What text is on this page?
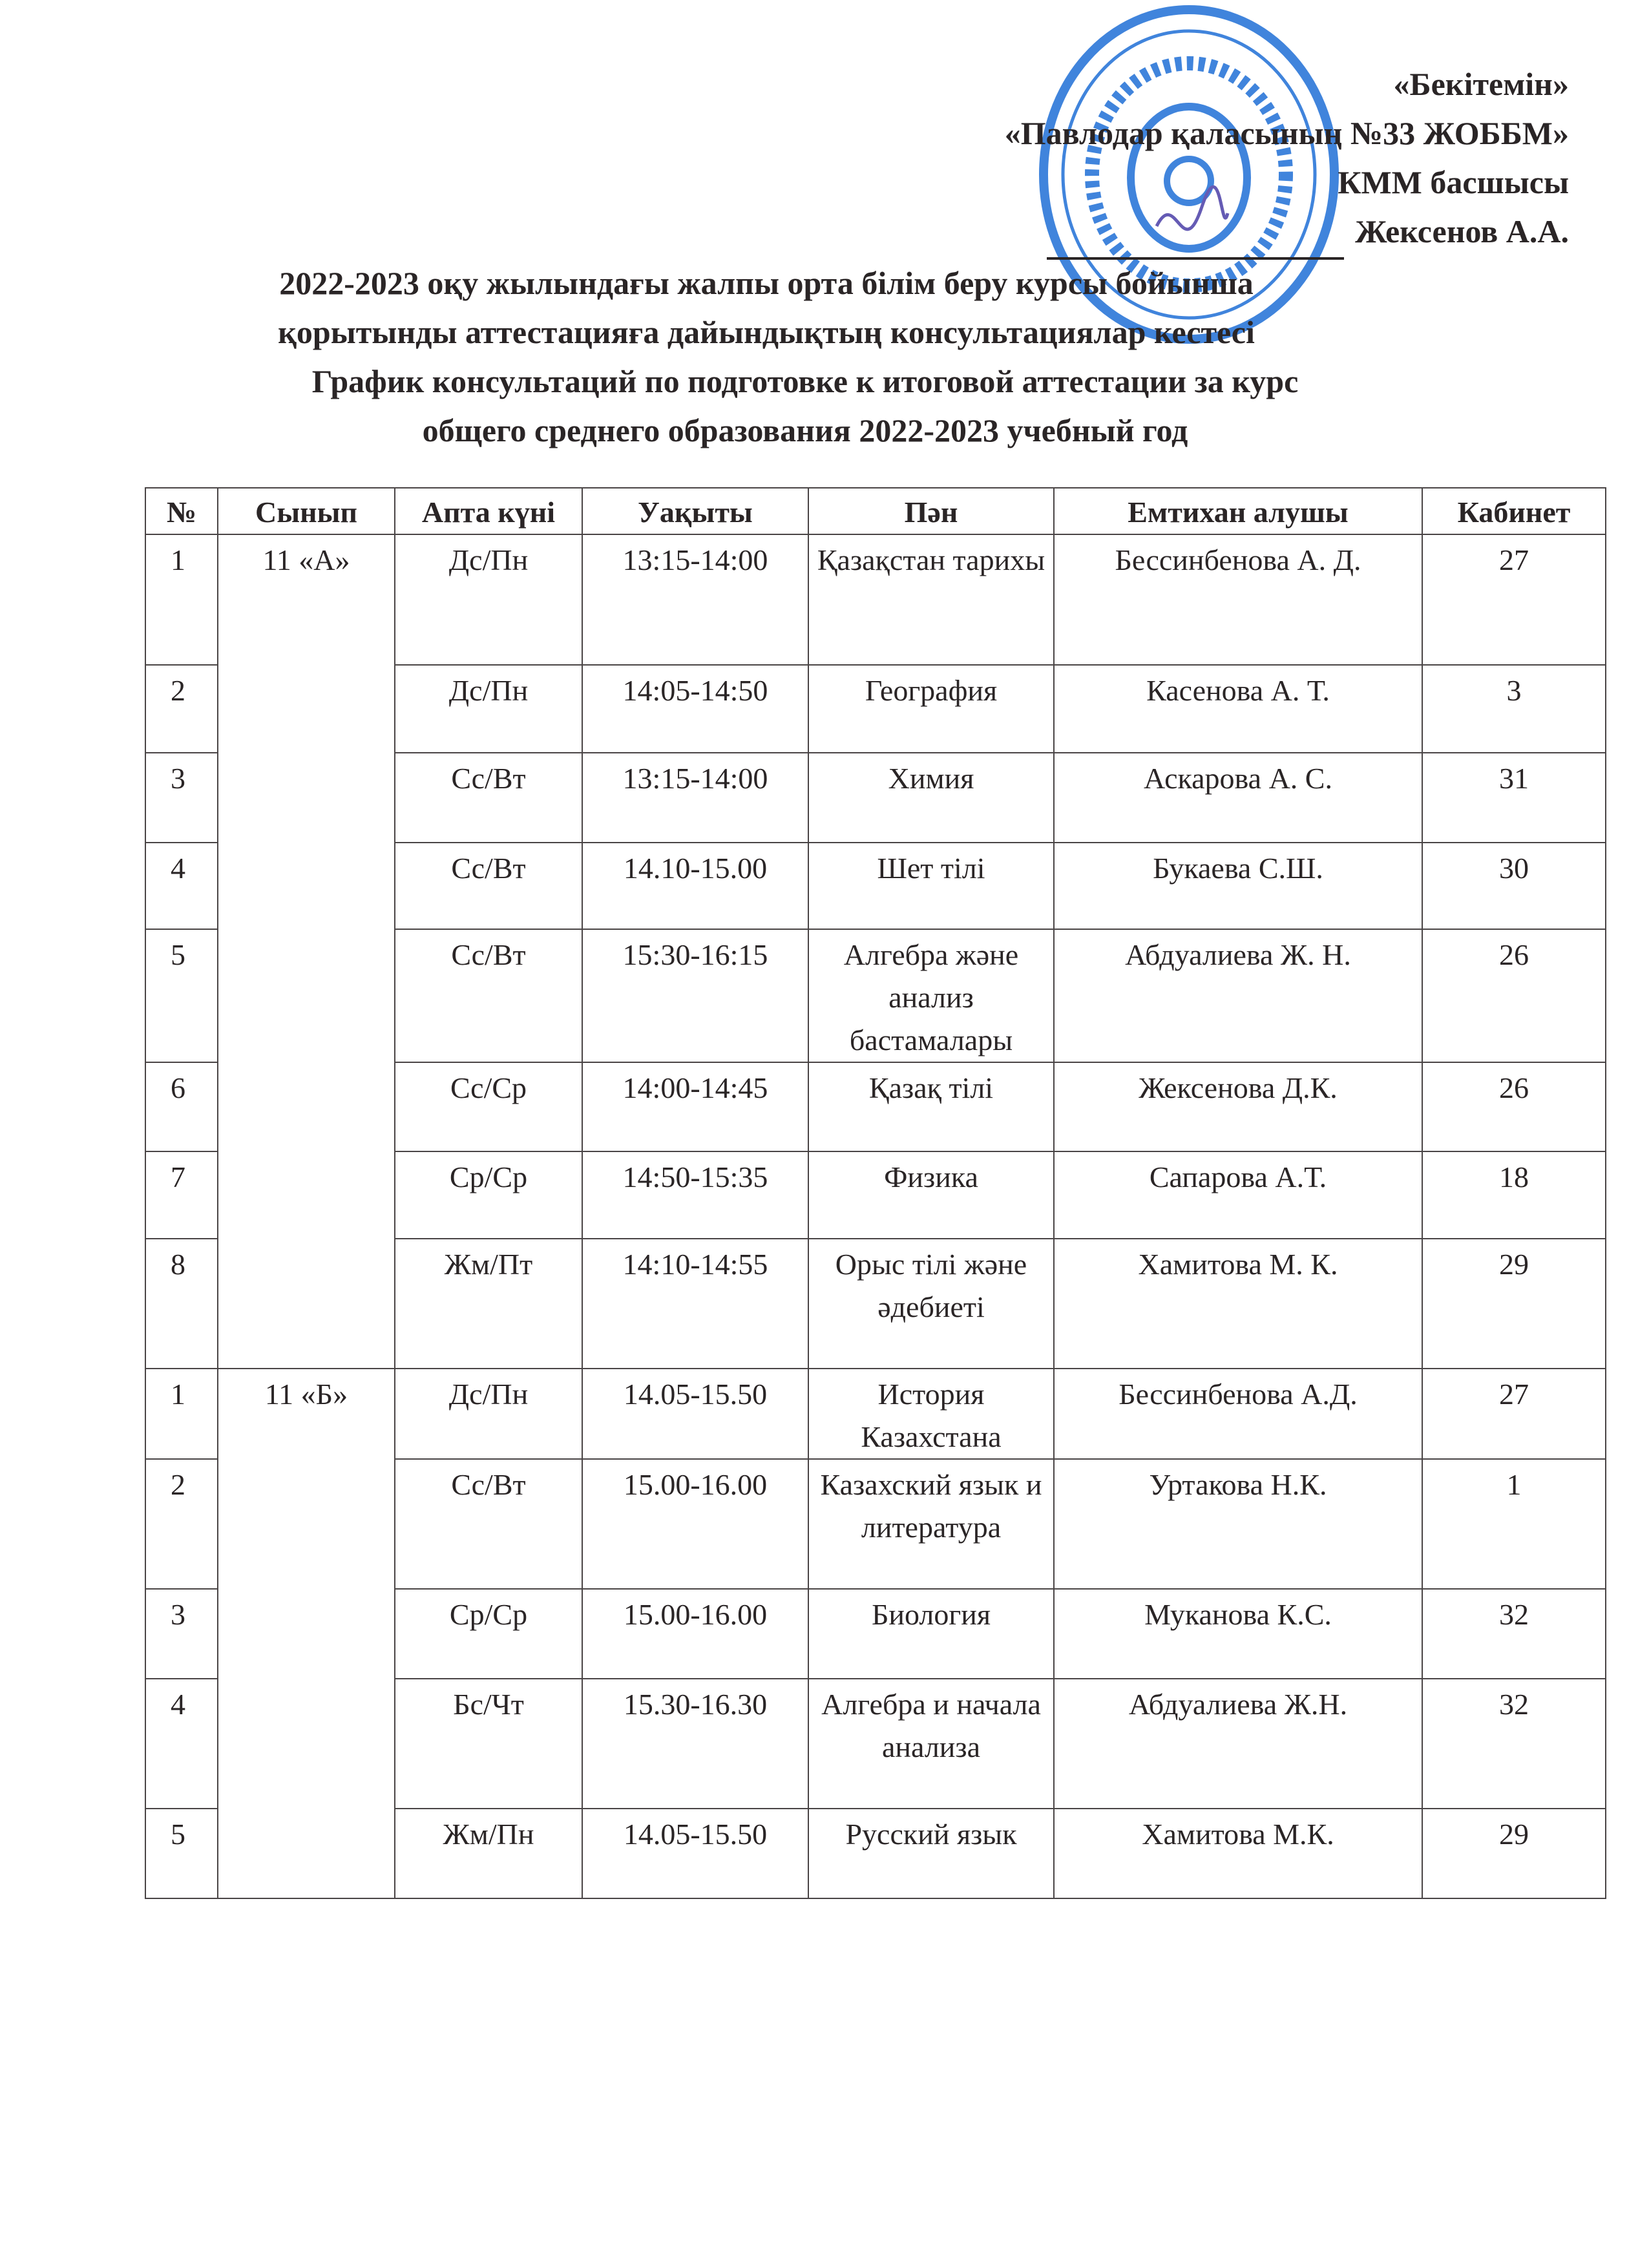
«Бекітемін»
«Павлодар қаласының №33 ЖОББМ»
КММ басшысы
Жексенов А.А.
2022-2023 оқу жылындағы жалпы орта білім беру курсы бойынша
қорытынды аттестацияға дайындықтың консультациялар кестесі
График консультаций по подготовке к итоговой аттестации за курс
общего среднего образования 2022-2023 учебный год
№	Сынып	Апта күні	Уақыты	Пән	Емтихан алушы	Кабинет
1	11 «А»	Дс/Пн	13:15-14:00	Қазақстан тарихы	Бессинбенова А. Д.	27
2		Дс/Пн	14:05-14:50	География	Касенова А. Т.	3
3		Сс/Вт	13:15-14:00	Химия	Аскарова А. С.	31
4		Сс/Вт	14.10-15.00	Шет тілі	Букаева С.Ш.	30
5		Сс/Вт	15:30-16:15	Алгебра және анализ бастамалары	Абдуалиева Ж. Н.	26
6		Сс/Ср	14:00-14:45	Қазақ тілі	Жексенова Д.К.	26
7		Ср/Ср	14:50-15:35	Физика	Сапарова А.Т.	18
8		Жм/Пт	14:10-14:55	Орыс тілі және әдебиеті	Хамитова М. К.	29
1	11 «Б»	Дс/Пн	14.05-15.50	История Казахстана	Бессинбенова А.Д.	27
2		Сс/Вт	15.00-16.00	Казахский язык и литература	Уртакова Н.К.	1
3		Ср/Ср	15.00-16.00	Биология	Муканова К.С.	32
4		Бс/Чт	15.30-16.30	Алгебра и начала анализа	Абдуалиева Ж.Н.	32
5		Жм/Пн	14.05-15.50	Русский язык	Хамитова М.К.	29
